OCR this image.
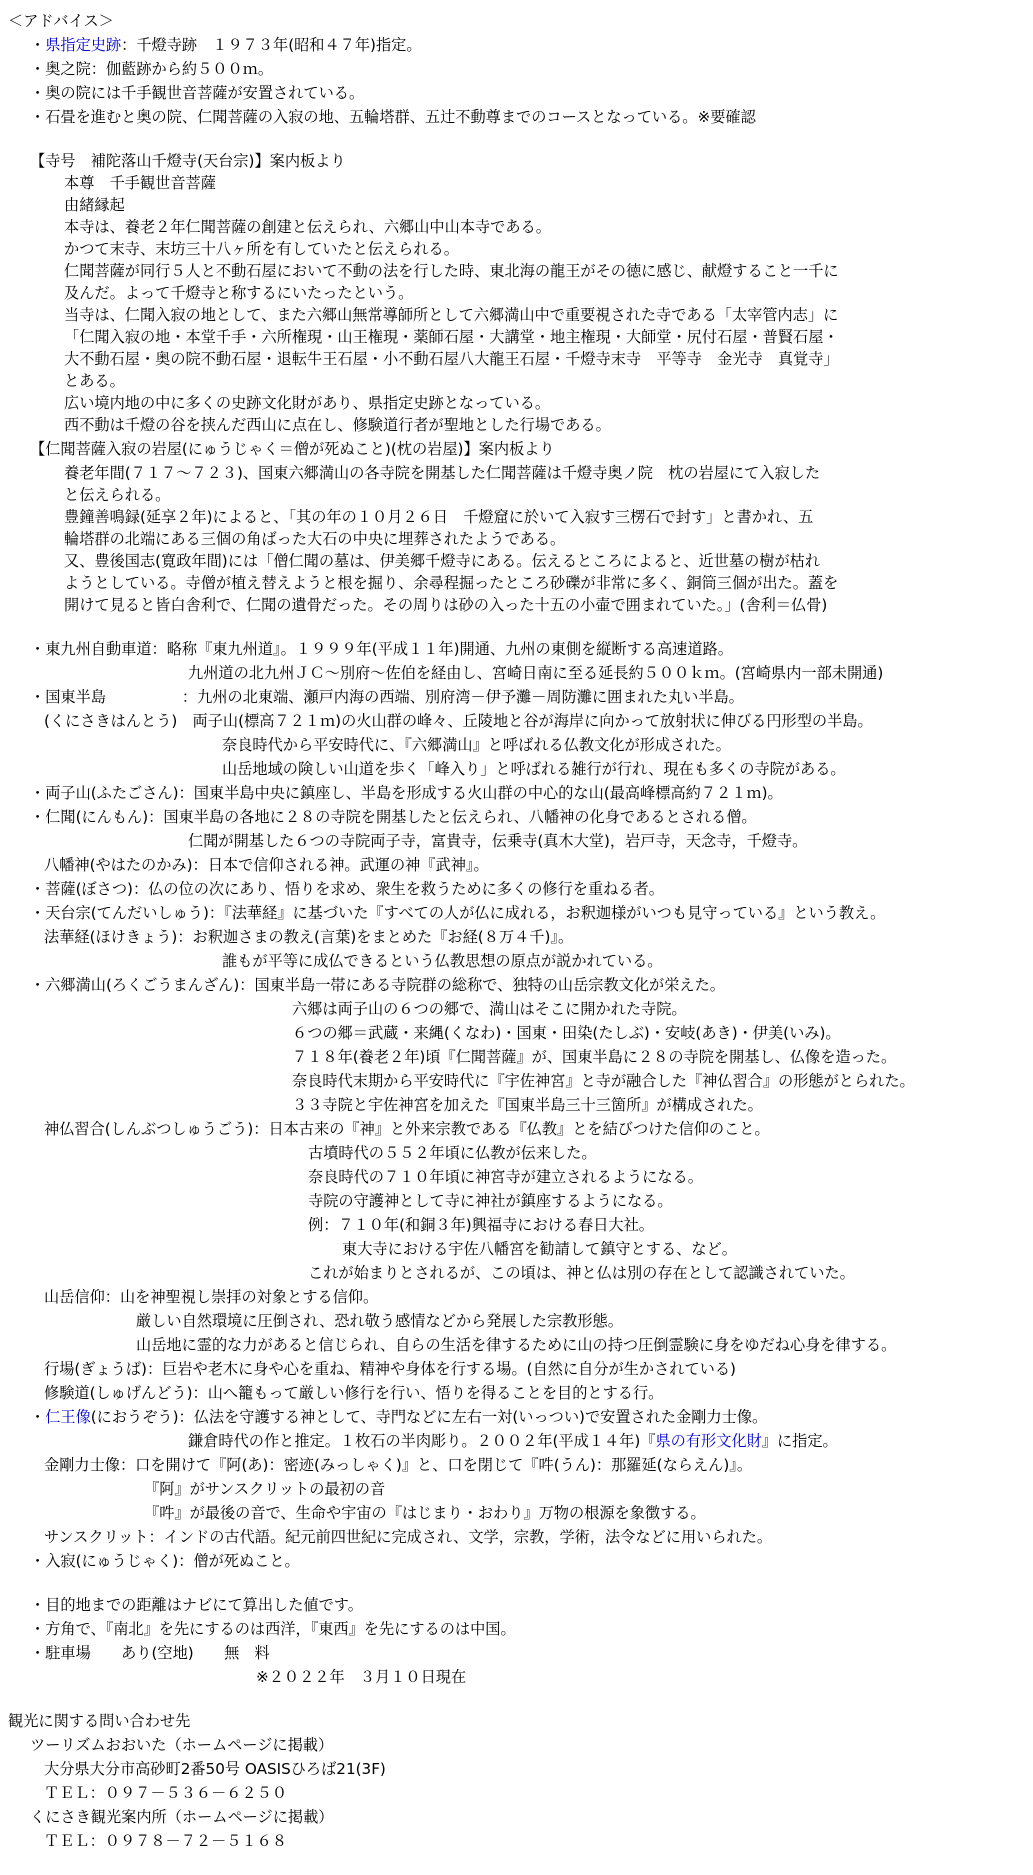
＜アドバイス＞
・県指定史跡：千燈寺跡　１９７３年(昭和４７年)指定。
・奥之院：伽藍跡から約５００ｍ。
・奥の院には千手観世音菩薩が安置されている。
・石畳を進むと奥の院、仁聞菩薩の入寂の地、五輪塔群、五辻不動尊までのコースとなっている。※要確認
【寺号　補陀落山千燈寺(天台宗)】案内板より
本尊　千手観世音菩薩
由緒縁起
本寺は、養老２年仁聞菩薩の創建と伝えられ、六郷山中山本寺である。
かつて末寺、末坊三十八ヶ所を有していたと伝えられる。
仁聞菩薩が同行５人と不動石屋において不動の法を行した時、東北海の龍王がその徳に感じ、献燈すること一千に
及んだ。よって千燈寺と称するにいたったという。
当寺は、仁聞入寂の地として、また六郷山無常導師所として六郷満山中で重要視された寺である「太宰管内志」に
「仁聞入寂の地・本堂千手・六所権現・山王権現・薬師石屋・大講堂・地主権現・大師堂・尻付石屋・普賢石屋・
大不動石屋・奥の院不動石屋・退転牛王石屋・小不動石屋八大龍王石屋・千燈寺末寺　平等寺　金光寺　真覚寺」
とある。
広い境内地の中に多くの史跡文化財があり、県指定史跡となっている。
西不動は千燈の谷を挟んだ西山に点在し、修験道行者が聖地とした行場である。
【仁聞菩薩入寂の岩屋(にゅうじゃく＝僧が死ぬこと)(枕の岩屋)】案内板より
養老年間(７１７～７２３)、国東六郷満山の各寺院を開基した仁聞菩薩は千燈寺奥ノ院　枕の岩屋にて入寂した
と伝えられる。
豊鐘善鳴録(延享２年)によると、「其の年の１０月２６日　千燈窟に於いて入寂す三楞石で封す」と書かれ、五
輪塔群の北端にある三個の角ばった大石の中央に埋葬されたようである。
又、豊後国志(寛政年間)には「僧仁聞の墓は、伊美郷千燈寺にある。伝えるところによると、近世墓の樹が枯れ
ようとしている。寺僧が植え替えようと根を掘り、余尋程掘ったところ砂礫が非常に多く、銅筒三個が出た。蓋を
開けて見ると皆白舎利で、仁聞の遺骨だった。その周りは砂の入った十五の小壷で囲まれていた。」(舎利＝仏骨)
・東九州自動車道：略称『東九州道』。１９９９年(平成１１年)開通、九州の東側を縦断する高速道路。
九州道の北九州ＪＣ～別府～佐伯を経由し、宮崎日南に至る延長約５００ｋｍ。(宮崎県内一部未開通)
・国東半島　　　　　：九州の北東端、瀬戸内海の西端、別府湾－伊予灘－周防灘に囲まれた丸い半島。
(くにさきはんとう)　両子山(標高７２１ｍ)の火山群の峰々、丘陵地と谷が海岸に向かって放射状に伸びる円形型の半島。
奈良時代から平安時代に、『六郷満山』と呼ばれる仏教文化が形成された。
山岳地域の険しい山道を歩く「峰入り」と呼ばれる雑行が行れ、現在も多くの寺院がある。
・両子山(ふたごさん)：国東半島中央に鎮座し、半島を形成する火山群の中心的な山(最高峰標高約７２１ｍ)。
・仁聞(にんもん)：国東半島の各地に２８の寺院を開基したと伝えられ、八幡神の化身であるとされる僧。
仁聞が開基した６つの寺院両子寺，富貴寺，伝乗寺(真木大堂)，岩戸寺，天念寺，千燈寺。
八幡神(やはたのかみ)：日本で信仰される神。武運の神『武神』。
・菩薩(ぼさつ)：仏の位の次にあり、悟りを求め、衆生を救うために多くの修行を重ねる者。
・天台宗(てんだいしゅう)：『法華経』に基づいた『すべての人が仏に成れる，お釈迦様がいつも見守っている』という教え。
法華経(ほけきょう)：お釈迦さまの教え(言葉)をまとめた『お経(８万４千)』。
誰もが平等に成仏できるという仏教思想の原点が説かれている。
・六郷満山(ろくごうまんざん)：国東半島一帯にある寺院群の総称で、独特の山岳宗教文化が栄えた。
六郷は両子山の６つの郷で、満山はそこに開かれた寺院。
６つの郷＝武蔵・来縄(くなわ)・国東・田染(たしぶ)・安岐(あき)・伊美(いみ)。
７１８年(養老２年)頃『仁聞菩薩』が、国東半島に２８の寺院を開基し、仏像を造った。
奈良時代末期から平安時代に『宇佐神宮』と寺が融合した『神仏習合』の形態がとられた。
３３寺院と宇佐神宮を加えた『国東半島三十三箇所』が構成された。
神仏習合(しんぶつしゅうごう)：日本古来の『神』と外来宗教である『仏教』とを結びつけた信仰のこと。
古墳時代の５５２年頃に仏教が伝来した。
奈良時代の７１０年頃に神宮寺が建立されるようになる。
寺院の守護神として寺に神社が鎮座するようになる。
例：７１０年(和銅３年)興福寺における春日大社。
東大寺における宇佐八幡宮を勧請して鎮守とする、など。
これが始まりとされるが、この頃は、神と仏は別の存在として認識されていた。
山岳信仰：山を神聖視し崇拝の対象とする信仰。
厳しい自然環境に圧倒され、恐れ敬う感情などから発展した宗教形態。
山岳地に霊的な力があると信じられ、自らの生活を律するために山の持つ圧倒霊験に身をゆだね心身を律する。
行場(ぎょうば)：巨岩や老木に身や心を重ね、精神や身体を行する場。(自然に自分が生かされている)
修験道(しゅげんどう)：山へ籠もって厳しい修行を行い、悟りを得ることを目的とする行。
・仁王像(におうぞう)：仏法を守護する神として、寺門などに左右一対(いっつい)で安置された金剛力士像。
鎌倉時代の作と推定。１枚石の半肉彫り。２００２年(平成１４年)『県の有形文化財』に指定。
金剛力士像：口を開けて『阿(あ)：密迹(みっしゃく)』と、口を閉じて『吽(うん)：那羅延(ならえん)』。
『阿』がサンスクリットの最初の音
『吽』が最後の音で、生命や宇宙の『はじまり・おわり』万物の根源を象徴する。
サンスクリット：インドの古代語。紀元前四世紀に完成され、文学，宗教，学術，法令などに用いられた。
・入寂(にゅうじゃく)：僧が死ぬこと。
・目的地までの距離はナビにて算出した値です。
・方角で、『南北』を先にするのは西洋，『東西』を先にするのは中国。
・駐車場　　あり(空地)　　無　料
※２０２２年　３月１０日現在
観光に関する問い合わせ先
ツーリズムおおいた（ホームページに掲載）
大分県大分市高砂町2番50号 OASISひろば21(3F)
ＴＥＬ：０９７－５３６－６２５０
くにさき観光案内所（ホームページに掲載）
ＴＥＬ：０９７８－７２－５１６８
